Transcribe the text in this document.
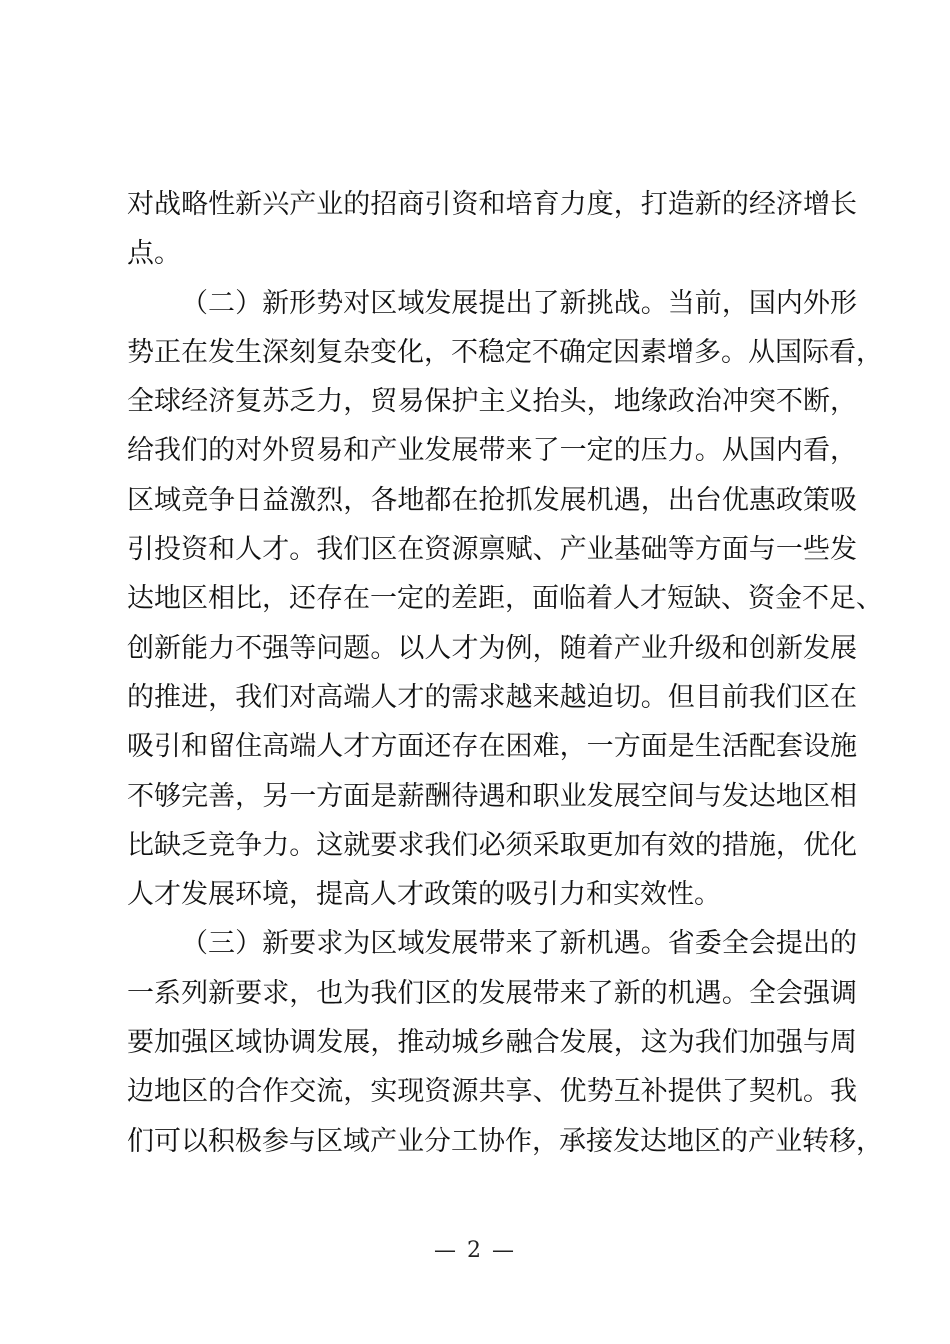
对战略性新兴产业的招商引资和培育力度，打造新的经济增长
点。
（二）新形势对区域发展提出了新挑战。当前，国内外形
势正在发生深刻复杂变化，不稳定不确定因素增多。从国际看，
全球经济复苏乏力，贸易保护主义抬头，地缘政治冲突不断，
给我们的对外贸易和产业发展带来了一定的压力。从国内看，
区域竞争日益激烈，各地都在抢抓发展机遇，出台优惠政策吸
引投资和人才。我们区在资源禀赋、产业基础等方面与一些发
达地区相比，还存在一定的差距，面临着人才短缺、资金不足、
创新能力不强等问题。以人才为例，随着产业升级和创新发展
的推进，我们对高端人才的需求越来越迫切。但目前我们区在
吸引和留住高端人才方面还存在困难，一方面是生活配套设施
不够完善，另一方面是薪酬待遇和职业发展空间与发达地区相
比缺乏竞争力。这就要求我们必须采取更加有效的措施，优化
人才发展环境，提高人才政策的吸引力和实效性。
（三）新要求为区域发展带来了新机遇。省委全会提出的
一系列新要求，也为我们区的发展带来了新的机遇。全会强调
要加强区域协调发展，推动城乡融合发展，这为我们加强与周
边地区的合作交流，实现资源共享、优势互补提供了契机。我
们可以积极参与区域产业分工协作，承接发达地区的产业转移，
— 2 —
